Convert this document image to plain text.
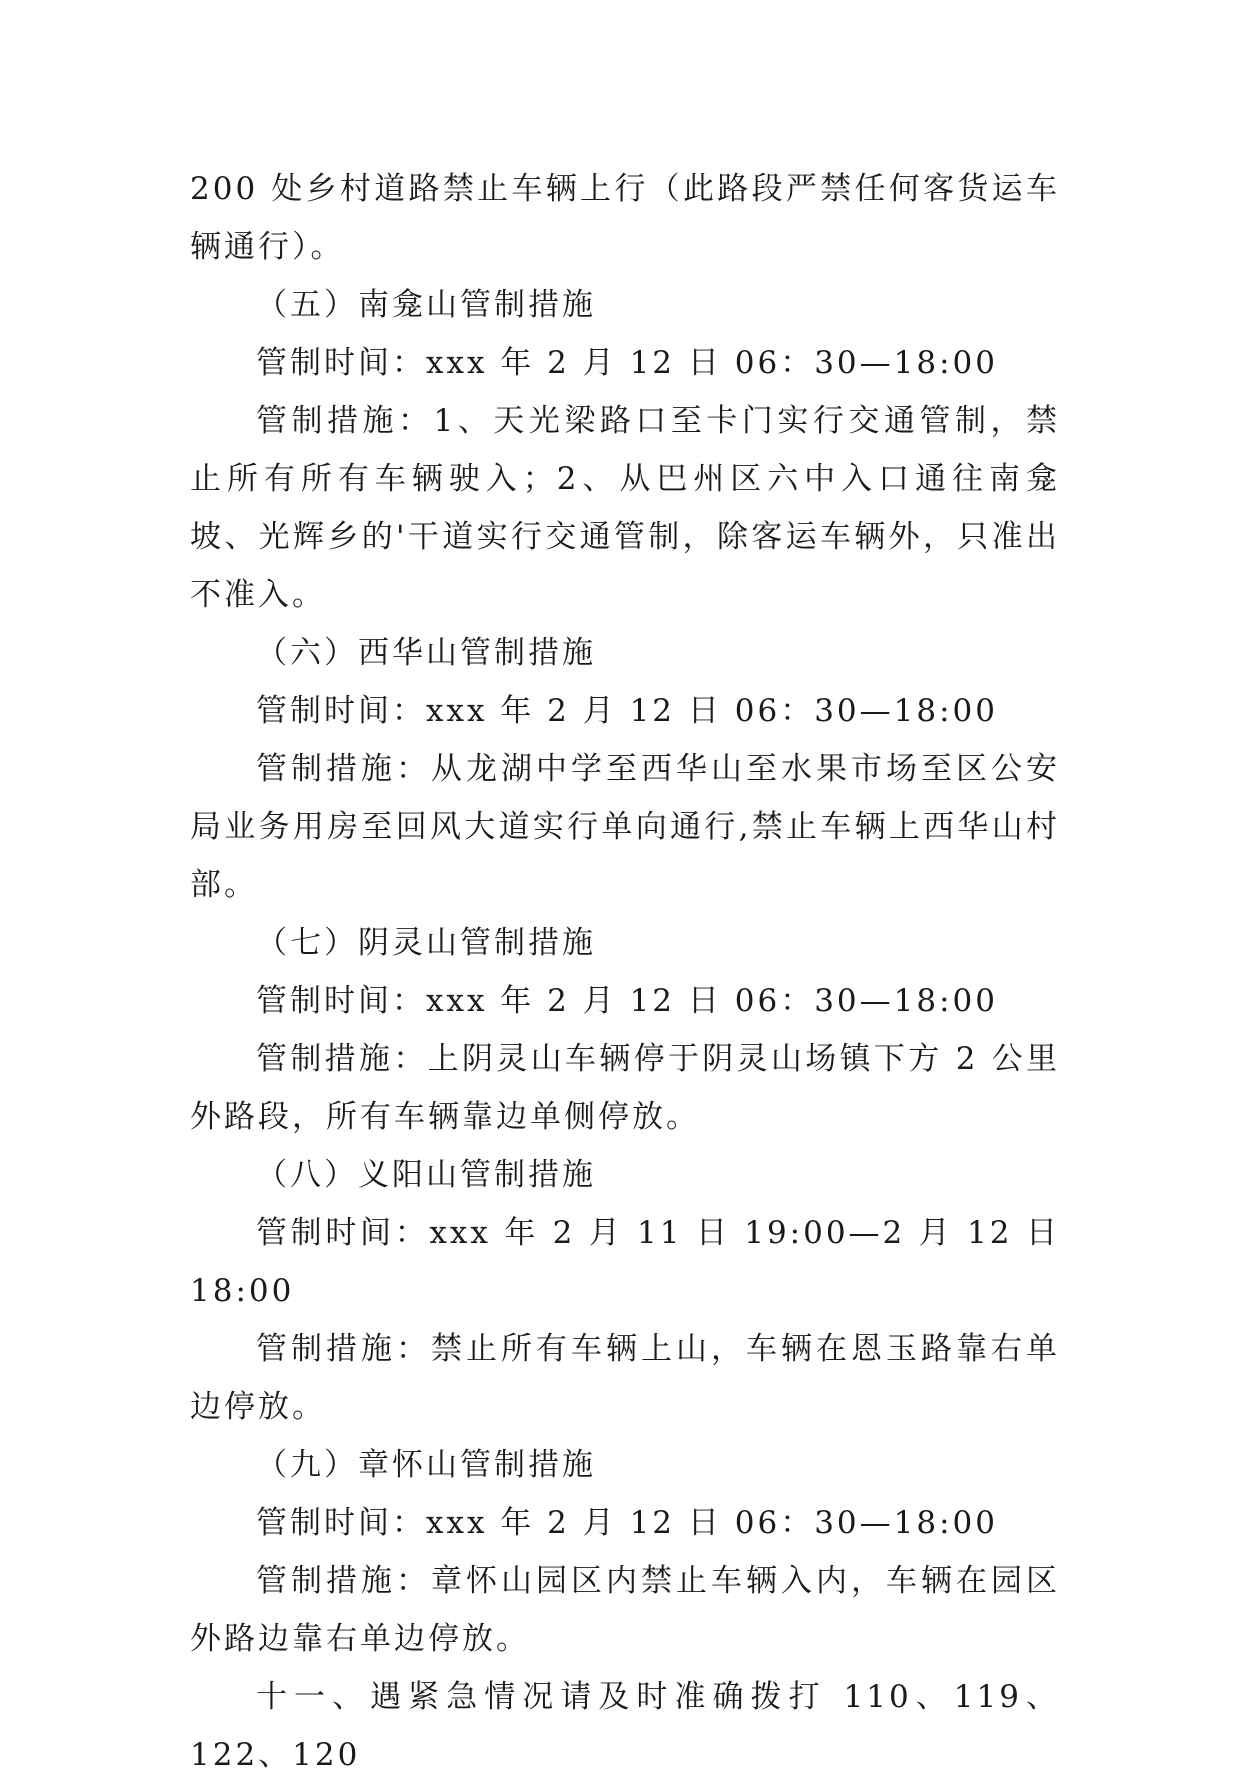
200 处乡村道路禁止车辆上行（此路段严禁任何客货运车辆通行）。

（五）南龛山管制措施

管制时间：xxx 年 2 月 12 日 06：30—18:00

管制措施：1、天光梁路口至卡门实行交通管制，禁止所有所有车辆驶入；2、从巴州区六中入口通往南龛坡、光辉乡的'干道实行交通管制，除客运车辆外，只准出不准入。

（六）西华山管制措施

管制时间：xxx 年 2 月 12 日 06：30—18:00

管制措施：从龙湖中学至西华山至水果市场至区公安局业务用房至回风大道实行单向通行,禁止车辆上西华山村部。

（七）阴灵山管制措施

管制时间：xxx 年 2 月 12 日 06：30—18:00

管制措施：上阴灵山车辆停于阴灵山场镇下方 2 公里外路段，所有车辆靠边单侧停放。

（八）义阳山管制措施

管制时间：xxx 年 2 月 11 日 19:00—2 月 12 日 18:00

管制措施：禁止所有车辆上山，车辆在恩玉路靠右单边停放。

（九）章怀山管制措施

管制时间：xxx 年 2 月 12 日 06：30—18:00

管制措施：章怀山园区内禁止车辆入内，车辆在园区外路边靠右单边停放。

十一、遇紧急情况请及时准确拨打 110、119、122、120
